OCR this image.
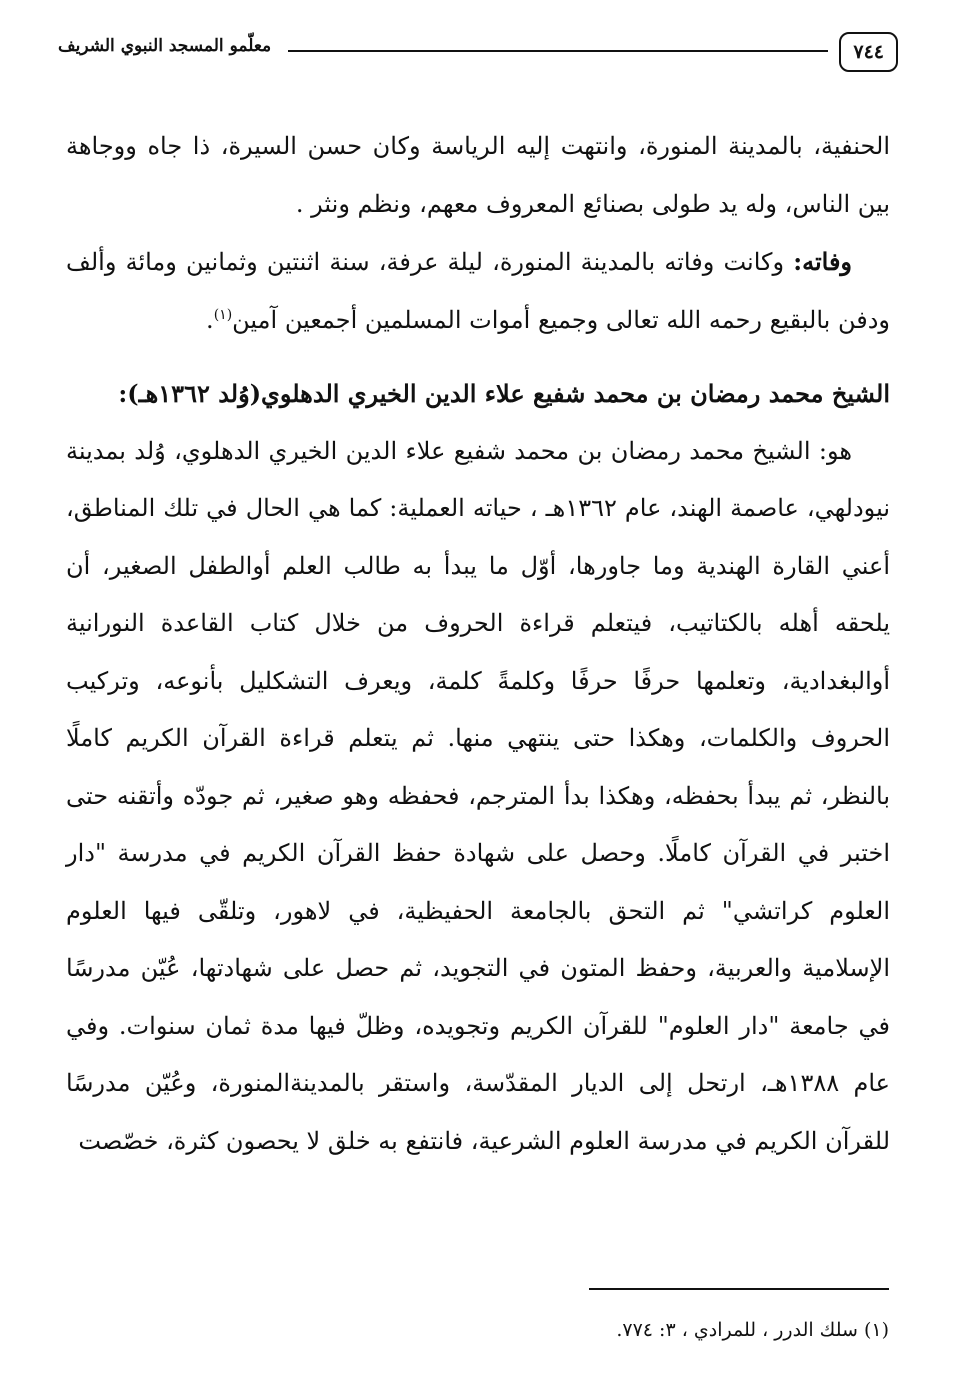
٧٤٤
معلّمو المسجد النبوي الشريف

الحنفية، بالمدينة المنورة، وانتهت إليه الرياسة وكان حسن السيرة، ذا جاه ووجاهة بين الناس، وله يد طولى بصنائع المعروف معهم، ونظم ونثر .

وفاته: وكانت وفاته بالمدينة المنورة، ليلة عرفة، سنة اثنتين وثمانين ومائة وألف ودفن بالبقيع رحمه الله تعالى وجميع أموات المسلمين أجمعين آمين$^{(١)}$.

الشيخ محمد رمضان بن محمد شفيع علاء الدين الخيري الدهلوي(وُلد ١٣٦٢هـ):

هو: الشيخ محمد رمضان بن محمد شفيع علاء الدين الخيري الدهلوي، وُلد بمدينة نيودلهي، عاصمة الهند، عام ١٣٦٢هـ ، حياته العملية: كما هي الحال في تلك المناطق، أعني القارة الهندية وما جاورها، أوّل ما يبدأ به طالب العلم أوالطفل الصغير، أن يلحقه أهله بالكتاتيب، فيتعلم قراءة الحروف من خلال كتاب القاعدة النورانية أوالبغدادية، وتعلمها حرفًا حرفًا وكلمةً كلمة، ويعرف التشكليل بأنوعه، وتركيب الحروف والكلمات، وهكذا حتى ينتهي منها. ثم يتعلم قراءة القرآن الكريم كاملًا بالنظر، ثم يبدأ بحفظه، وهكذا بدأ المترجم، فحفظه وهو صغير، ثم جودّه وأتقنه حتى اختبر في القرآن كاملًا. وحصل على شهادة حفظ القرآن الكريم في مدرسة "دار العلوم كراتشي" ثم التحق بالجامعة الحفيظية، في لاهور، وتلقّى فيها العلوم الإسلامية والعربية، وحفظ المتون في التجويد، ثم حصل على شهادتها، عُيّن مدرسًا في جامعة "دار العلوم" للقرآن الكريم وتجويده، وظلّ فيها مدة ثمان سنوات. وفي عام ١٣٨٨هـ، ارتحل إلى الديار المقدّسة، واستقر بالمدينةالمنورة، وعُيّن مدرسًا للقرآن الكريم في مدرسة العلوم الشرعية، فانتفع به خلق لا يحصون كثرة، خصّصت

(١) سلك الدرر ، للمرادي ، ٣: ٧٧٤.
